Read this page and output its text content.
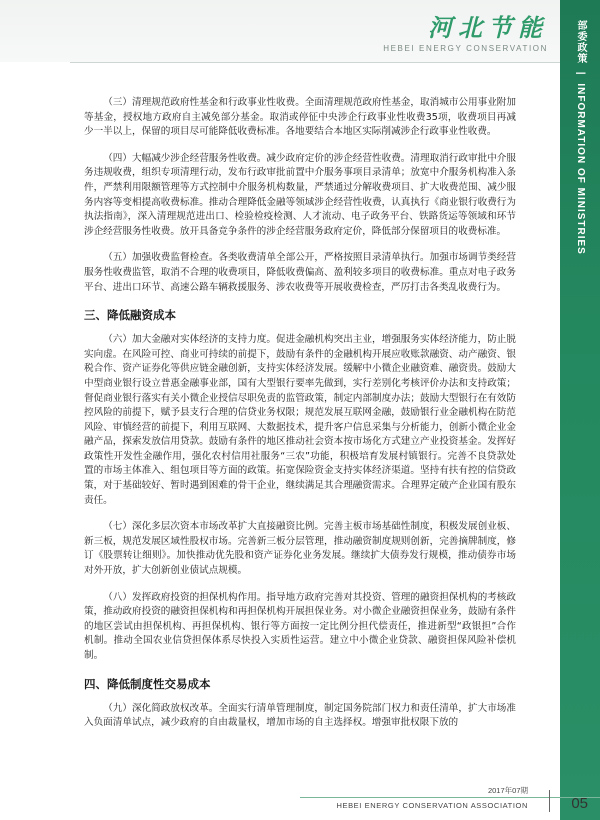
河北节能
HEBEI ENERGY CONSERVATION	部委政策 | INFORMATION OF MINISTRIES

（三）清理规范政府性基金和行政事业性收费。全面清理规范政府性基金，取消城市公用事业附加等基金，授权地方政府自主减免部分基金。取消或停征中央涉企行政事业性收费35项，收费项目再减少一半以上，保留的项目尽可能降低收费标准。各地要结合本地区实际削减涉企行政事业性收费。

（四）大幅减少涉企经营服务性收费。减少政府定价的涉企经营性收费。清理取消行政审批中介服务违规收费，组织专项清理行动，发布行政审批前置中介服务事项目录清单；放宽中介服务机构准入条件，严禁利用限额管理等方式控制中介服务机构数量，严禁通过分解收费项目、扩大收费范围、减少服务内容等变相提高收费标准。推动合理降低金融等领域涉企经营性收费，认真执行《商业银行收费行为执法指南》，深入清理规范进出口、检验检疫检测、人才流动、电子政务平台、铁路货运等领域和环节涉企经营服务性收费。放开具备竞争条件的涉企经营服务政府定价，降低部分保留项目的收费标准。

（五）加强收费监督检查。各类收费清单全部公开，严格按照目录清单执行。加强市场调节类经营服务性收费监管，取消不合理的收费项目，降低收费偏高、盈利较多项目的收费标准。重点对电子政务平台、进出口环节、高速公路车辆救援服务、涉农收费等开展收费检查，严厉打击各类乱收费行为。

三、降低融资成本

（六）加大金融对实体经济的支持力度。促进金融机构突出主业，增强服务实体经济能力，防止脱实向虚。在风险可控、商业可持续的前提下，鼓励有条件的金融机构开展应收账款融资、动产融资、银税合作、资产证券化等供应链金融创新，支持实体经济发展。缓解中小微企业融资难、融资贵。鼓励大中型商业银行设立普惠金融事业部，国有大型银行要率先做到，实行差别化考核评价办法和支持政策；督促商业银行落实有关小微企业授信尽职免责的监管政策，制定内部制度办法；鼓励大型银行在有效防控风险的前提下，赋予县支行合理的信贷业务权限；规范发展互联网金融，鼓励银行业金融机构在防范风险、审慎经营的前提下，利用互联网、大数据技术，提升客户信息采集与分析能力，创新小微企业金融产品，探索发放信用贷款。鼓励有条件的地区推动社会资本按市场化方式建立产业投资基金。发挥好政策性开发性金融作用，强化农村信用社服务“三农”功能，积极培育发展村镇银行。完善不良贷款处置的市场主体准入、组包项目等方面的政策。拓宽保险资金支持实体经济渠道。坚持有扶有控的信贷政策，对于基础较好、暂时遇到困难的骨干企业，继续满足其合理融资需求。合理界定破产企业国有股东责任。

（七）深化多层次资本市场改革扩大直接融资比例。完善主板市场基础性制度，积极发展创业板、新三板，规范发展区域性股权市场。完善新三板分层管理，推动融资制度规则创新，完善摘牌制度，修订《股票转让细则》。加快推动优先股和资产证券化业务发展。继续扩大债券发行规模，推动债券市场对外开放，扩大创新创业债试点规模。

（八）发挥政府投资的担保机构作用。指导地方政府完善对其投资、管理的融资担保机构的考核政策，推动政府投资的融资担保机构和再担保机构开展担保业务。对小微企业融资担保业务，鼓励有条件的地区尝试由担保机构、再担保机构、银行等方面按一定比例分担代偿责任，推进新型“政银担”合作机制。推动全国农业信贷担保体系尽快投入实质性运营。建立中小微企业贷款、融资担保风险补偿机制。

四、降低制度性交易成本

（九）深化简政放权改革。全面实行清单管理制度，制定国务院部门权力和责任清单，扩大市场准入负面清单试点，减少政府的自由裁量权，增加市场的自主选择权。增强审批权限下放的

2017年07期
HEBEI ENERGY CONSERVATION ASSOCIATION	05
